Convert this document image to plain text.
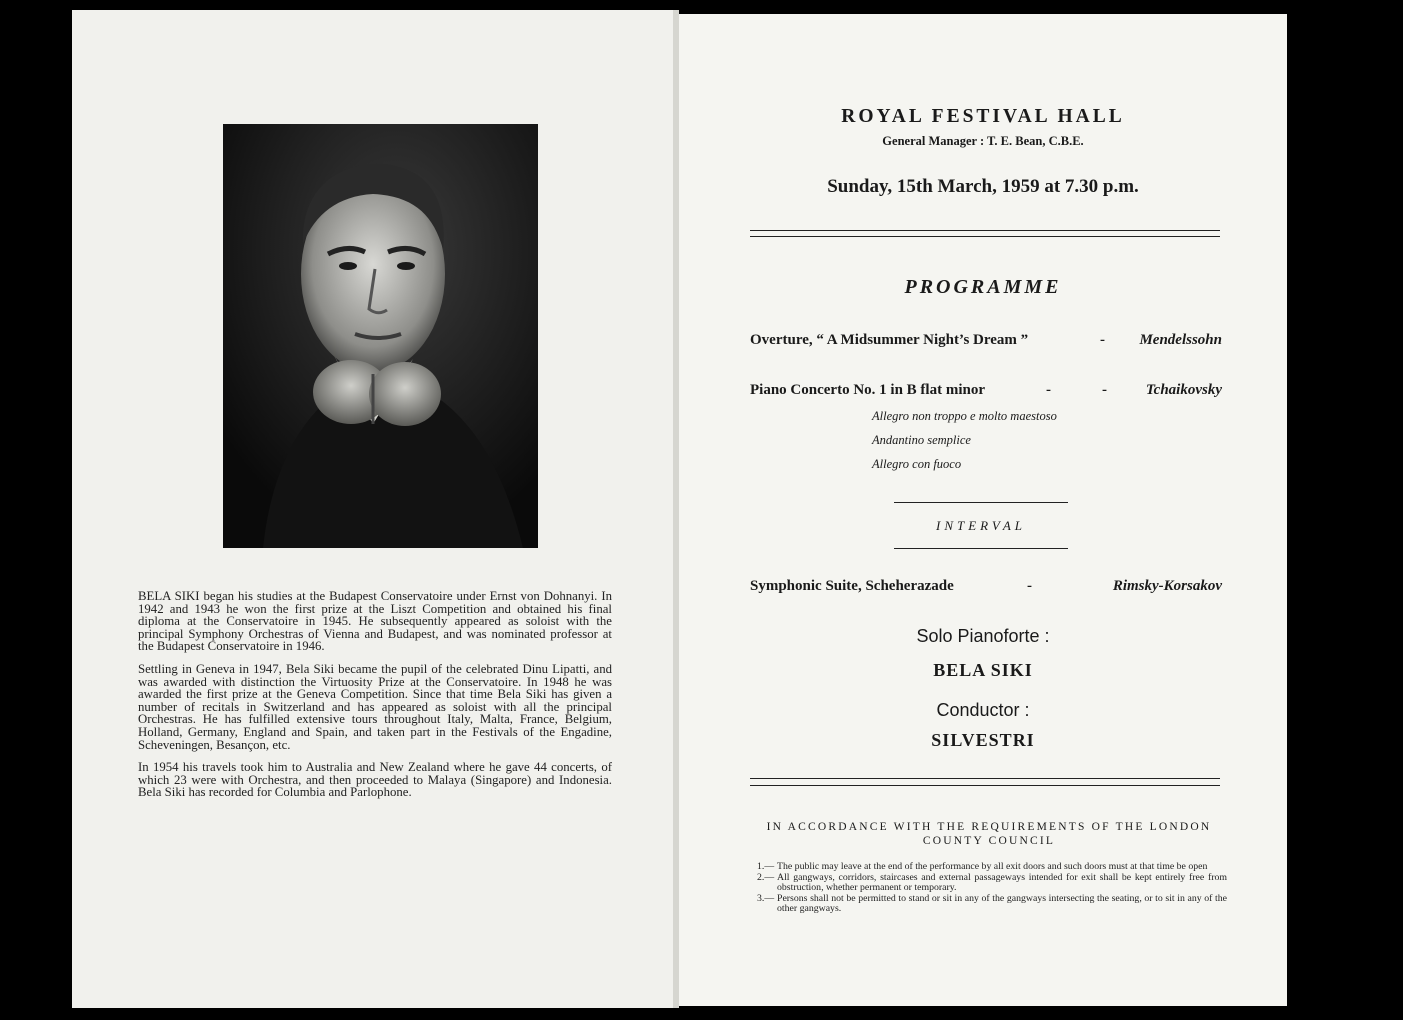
BELA SIKI began his studies at the Budapest Conservatoire under Ernst von Dohnanyi. In 1942 and 1943 he won the first prize at the Liszt Competition and obtained his final diploma at the Conservatoire in 1945. He subsequently appeared as soloist with the principal Symphony Orchestras of Vienna and Budapest, and was nominated professor at the Budapest Conservatoire in 1946.

Settling in Geneva in 1947, Bela Siki became the pupil of the celebrated Dinu Lipatti, and was awarded with distinction the Virtuosity Prize at the Conservatoire. In 1948 he was awarded the first prize at the Geneva Competition. Since that time Bela Siki has given a number of recitals in Switzerland and has appeared as soloist with all the principal Orchestras. He has fulfilled extensive tours throughout Italy, Malta, France, Belgium, Holland, Germany, England and Spain, and taken part in the Festivals of the Engadine, Scheveningen, Besançon, etc.

In 1954 his travels took him to Australia and New Zealand where he gave 44 concerts, of which 23 were with Orchestra, and then proceeded to Malaya (Singapore) and Indonesia. Bela Siki has recorded for Columbia and Parlophone.

ROYAL FESTIVAL HALL
General Manager : T. E. Bean, C.B.E.
Sunday, 15th March, 1959 at 7.30 p.m.
PROGRAMME
Overture, “ A Midsummer Night’s Dream ”	- Mendelssohn
Piano Concerto No. 1 in B flat minor	-	-	Tchaikovsky
Allegro non troppo e molto maestoso
Andantino semplice
Allegro con fuoco
INTERVAL
Symphonic Suite, Scheherazade	-	Rimsky-Korsakov
Solo Pianoforte :
BELA SIKI
Conductor :
SILVESTRI
IN ACCORDANCE WITH THE REQUIREMENTS OF THE LONDON COUNTY COUNCIL
1.— The public may leave at the end of the performance by all exit doors and such doors must at that time be open
2.— All gangways, corridors, staircases and external passageways intended for exit shall be kept entirely free from obstruction, whether permanent or temporary.
3.— Persons shall not be permitted to stand or sit in any of the gangways intersecting the seating, or to sit in any of the other gangways.
